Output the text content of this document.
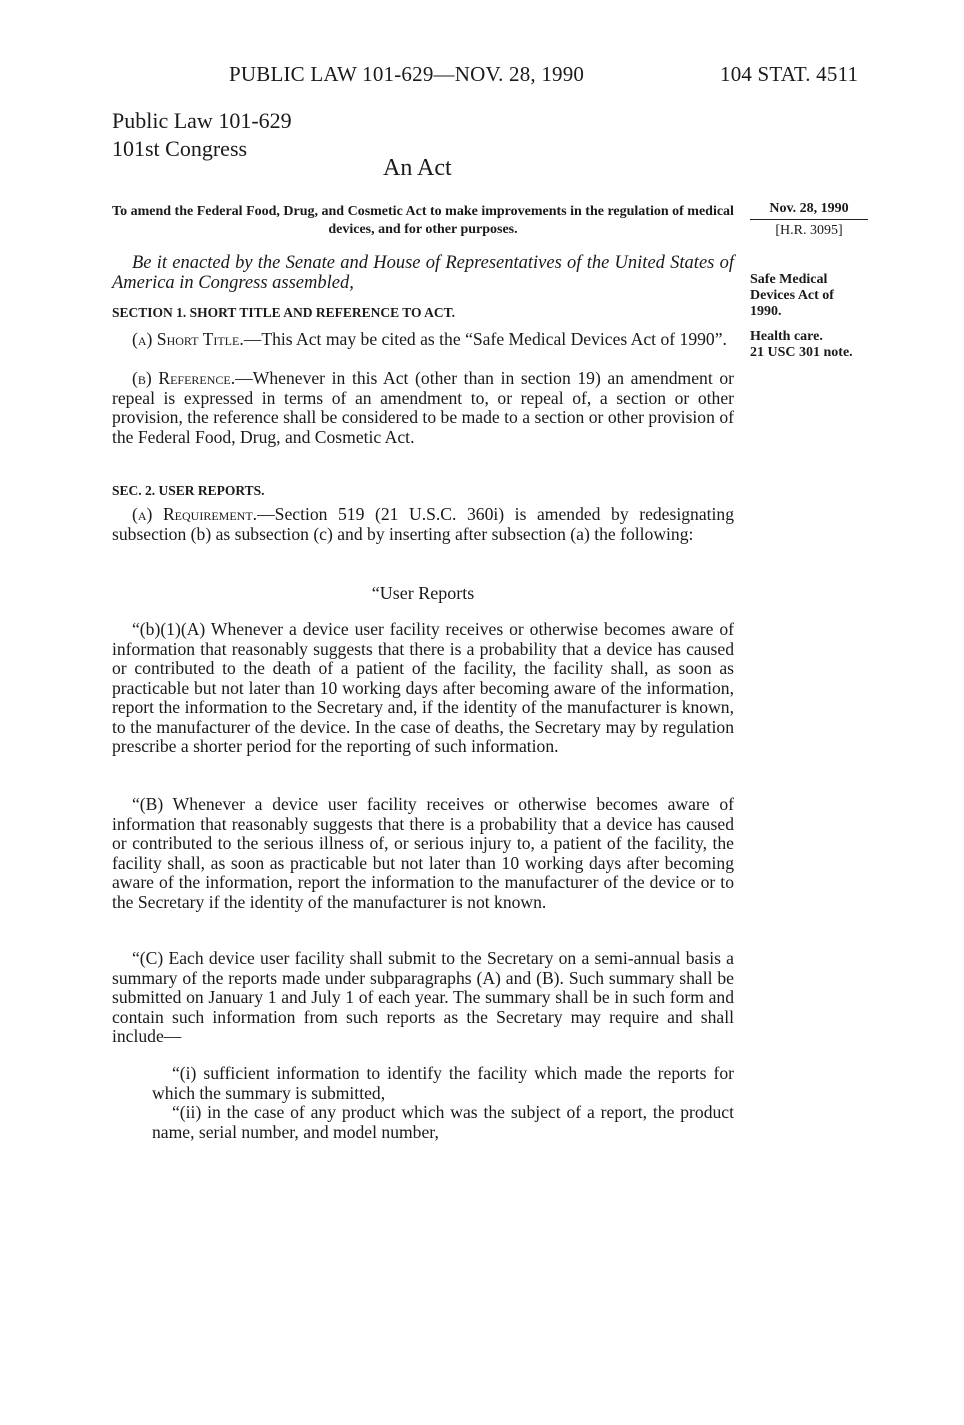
PUBLIC LAW 101-629—NOV. 28, 1990	104 STAT. 4511
Public Law 101-629
101st Congress
An Act
To amend the Federal Food, Drug, and Cosmetic Act to make improvements in the regulation of medical devices, and for other purposes.
Nov. 28, 1990
[H.R. 3095]
Safe Medical Devices Act of 1990.
Health care.
21 USC 301 note.

Be it enacted by the Senate and House of Representatives of the United States of America in Congress assembled,

SECTION 1. SHORT TITLE AND REFERENCE TO ACT.

(a) Short Title.—This Act may be cited as the “Safe Medical Devices Act of 1990”.

(b) Reference.—Whenever in this Act (other than in section 19) an amendment or repeal is expressed in terms of an amendment to, or repeal of, a section or other provision, the reference shall be considered to be made to a section or other provision of the Federal Food, Drug, and Cosmetic Act.

SEC. 2. USER REPORTS.

(a) Requirement.—Section 519 (21 U.S.C. 360i) is amended by redesignating subsection (b) as subsection (c) and by inserting after subsection (a) the following:

“User Reports

“(b)(1)(A) Whenever a device user facility receives or otherwise becomes aware of information that reasonably suggests that there is a probability that a device has caused or contributed to the death of a patient of the facility, the facility shall, as soon as practicable but not later than 10 working days after becoming aware of the information, report the information to the Secretary and, if the identity of the manufacturer is known, to the manufacturer of the device. In the case of deaths, the Secretary may by regulation prescribe a shorter period for the reporting of such information.

“(B) Whenever a device user facility receives or otherwise becomes aware of information that reasonably suggests that there is a probability that a device has caused or contributed to the serious illness of, or serious injury to, a patient of the facility, the facility shall, as soon as practicable but not later than 10 working days after becoming aware of the information, report the information to the manufacturer of the device or to the Secretary if the identity of the manufacturer is not known.

“(C) Each device user facility shall submit to the Secretary on a semi-annual basis a summary of the reports made under subparagraphs (A) and (B). Such summary shall be submitted on January 1 and July 1 of each year. The summary shall be in such form and contain such information from such reports as the Secretary may require and shall include—

“(i) sufficient information to identify the facility which made the reports for which the summary is submitted,

“(ii) in the case of any product which was the subject of a report, the product name, serial number, and model number,
